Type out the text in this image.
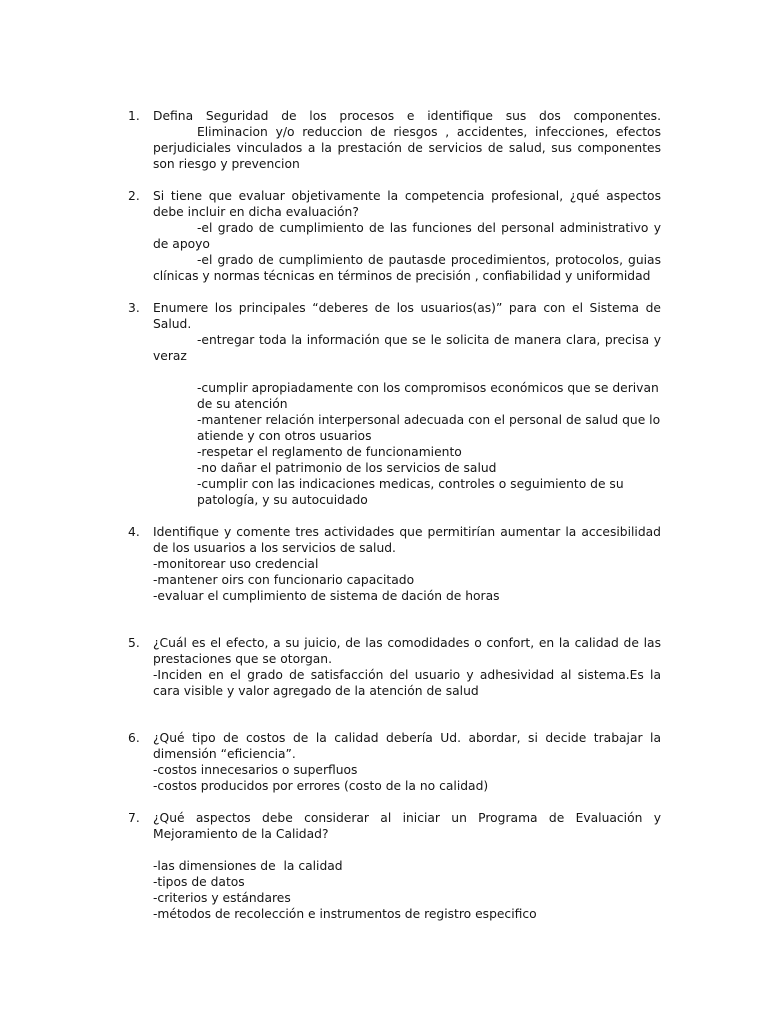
1.	Defina Seguridad de los procesos e identifique sus dos componentes.
Eliminacion y/o reduccion de riesgos , accidentes, infecciones, efectos perjudiciales vinculados a la prestación de servicios de salud, sus componentes son riesgo y prevencion
2.	Si tiene que evaluar objetivamente la competencia profesional, ¿qué aspectos debe incluir en dicha evaluación?
-el grado de cumplimiento de las funciones del personal administrativo y de apoyo
-el grado de cumplimiento de pautasde procedimientos, protocolos, guias clínicas y normas técnicas en términos de precisión , confiabilidad y uniformidad
3.	Enumere los principales “deberes de los usuarios(as)” para con el Sistema de Salud.
-entregar toda la información que se le solicita de manera clara, precisa y veraz
-cumplir apropiadamente con los compromisos económicos que se derivan de su atención
-mantener relación interpersonal adecuada con el personal de salud que lo atiende y con otros usuarios
-respetar el reglamento de funcionamiento
-no dañar el patrimonio de los servicios de salud
-cumplir con las indicaciones medicas, controles o seguimiento de su patología, y su autocuidado
4.	Identifique y comente tres actividades que permitirían aumentar la accesibilidad de los usuarios a los servicios de salud.
-monitorear uso credencial
-mantener oirs con funcionario capacitado
-evaluar el cumplimiento de sistema de dación de horas
5.	¿Cuál es el efecto, a su juicio, de las comodidades o confort, en la calidad de las prestaciones que se otorgan.
-Inciden en el grado de satisfacción del usuario y adhesividad al sistema.Es la cara visible y valor agregado de la atención de salud
6.	¿Qué tipo de costos de la calidad debería Ud. abordar, si decide trabajar la dimensión “eficiencia”.
-costos innecesarios o superfluos
-costos producidos por errores (costo de la no calidad)
7.	¿Qué aspectos debe considerar al iniciar un Programa de Evaluación y Mejoramiento de la Calidad?
-las dimensiones de  la calidad
-tipos de datos
-criterios y estándares
-métodos de recolección e instrumentos de registro especifico
